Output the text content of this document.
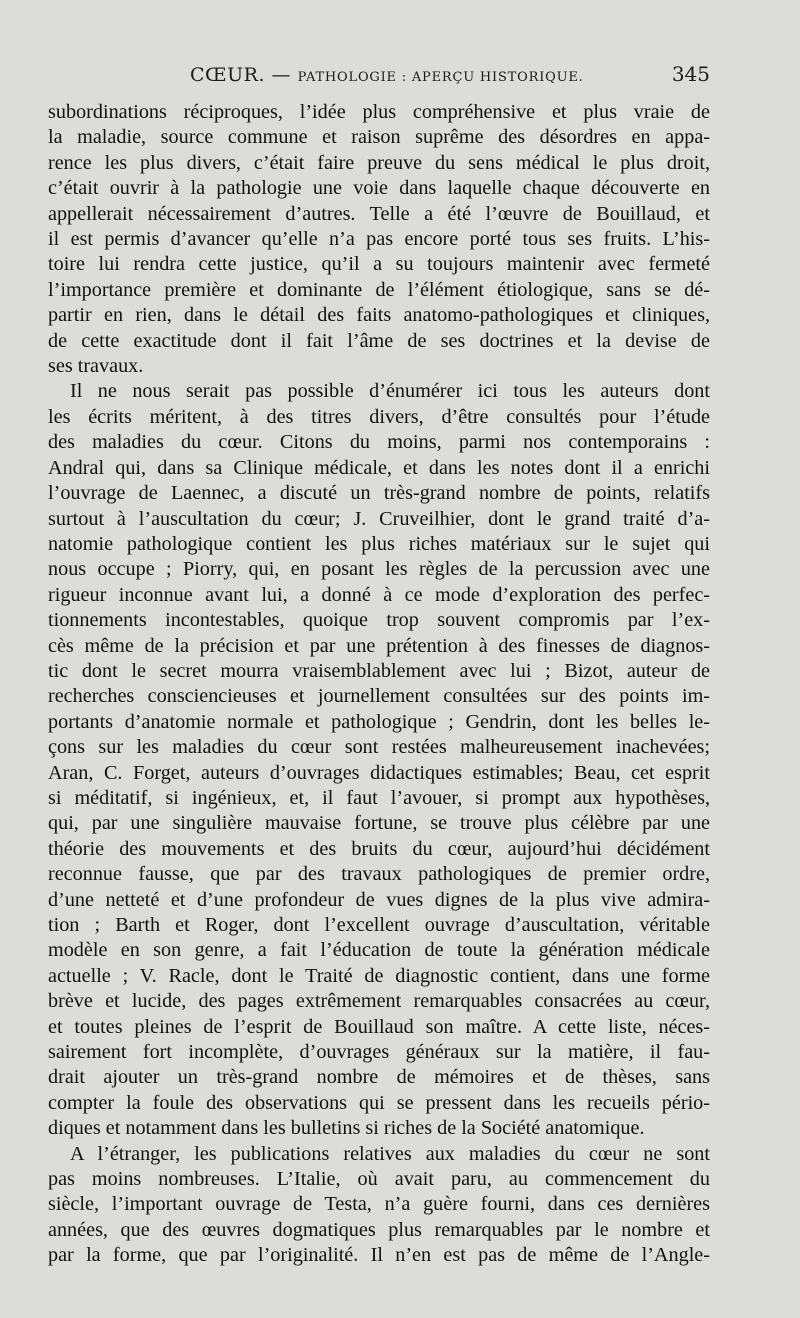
CŒUR. — PATHOLOGIE : APERÇU HISTORIQUE.	345

subordinations réciproques, l’idée plus compréhensive et plus vraie de

la maladie, source commune et raison suprême des désordres en appa-

rence les plus divers, c’était faire preuve du sens médical le plus droit,

c’était ouvrir à la pathologie une voie dans laquelle chaque découverte en

appellerait nécessairement d’autres. Telle a été l’œuvre de Bouillaud, et

il est permis d’avancer qu’elle n’a pas encore porté tous ses fruits. L’his-

toire lui rendra cette justice, qu’il a su toujours maintenir avec fermeté

l’importance première et dominante de l’élément étiologique, sans se dé-

partir en rien, dans le détail des faits anatomo-pathologiques et cliniques,

de cette exactitude dont il fait l’âme de ses doctrines et la devise de

ses travaux.

Il ne nous serait pas possible d’énumérer ici tous les auteurs dont

les écrits méritent, à des titres divers, d’être consultés pour l’étude

des maladies du cœur. Citons du moins, parmi nos contemporains :

Andral qui, dans sa Clinique médicale, et dans les notes dont il a enrichi

l’ouvrage de Laennec, a discuté un très-grand nombre de points, relatifs

surtout à l’auscultation du cœur; J. Cruveilhier, dont le grand traité d’a-

natomie pathologique contient les plus riches matériaux sur le sujet qui

nous occupe ; Piorry, qui, en posant les règles de la percussion avec une

rigueur inconnue avant lui, a donné à ce mode d’exploration des perfec-

tionnements incontestables, quoique trop souvent compromis par l’ex-

cès même de la précision et par une prétention à des finesses de diagnos-

tic dont le secret mourra vraisemblablement avec lui ; Bizot, auteur de

recherches consciencieuses et journellement consultées sur des points im-

portants d’anatomie normale et pathologique ; Gendrin, dont les belles le-

çons sur les maladies du cœur sont restées malheureusement inachevées;

Aran, C. Forget, auteurs d’ouvrages didactiques estimables; Beau, cet esprit

si méditatif, si ingénieux, et, il faut l’avouer, si prompt aux hypothèses,

qui, par une singulière mauvaise fortune, se trouve plus célèbre par une

théorie des mouvements et des bruits du cœur, aujourd’hui décidément

reconnue fausse, que par des travaux pathologiques de premier ordre,

d’une netteté et d’une profondeur de vues dignes de la plus vive admira-

tion ; Barth et Roger, dont l’excellent ouvrage d’auscultation, véritable

modèle en son genre, a fait l’éducation de toute la génération médicale

actuelle ; V. Racle, dont le Traité de diagnostic contient, dans une forme

brève et lucide, des pages extrêmement remarquables consacrées au cœur,

et toutes pleines de l’esprit de Bouillaud son maître. A cette liste, néces-

sairement fort incomplète, d’ouvrages généraux sur la matière, il fau-

drait ajouter un très-grand nombre de mémoires et de thèses, sans

compter la foule des observations qui se pressent dans les recueils pério-

diques et notamment dans les bulletins si riches de la Société anatomique.

A l’étranger, les publications relatives aux maladies du cœur ne sont

pas moins nombreuses. L’Italie, où avait paru, au commencement du

siècle, l’important ouvrage de Testa, n’a guère fourni, dans ces dernières

années, que des œuvres dogmatiques plus remarquables par le nombre et

par la forme, que par l’originalité. Il n’en est pas de même de l’Angle-
